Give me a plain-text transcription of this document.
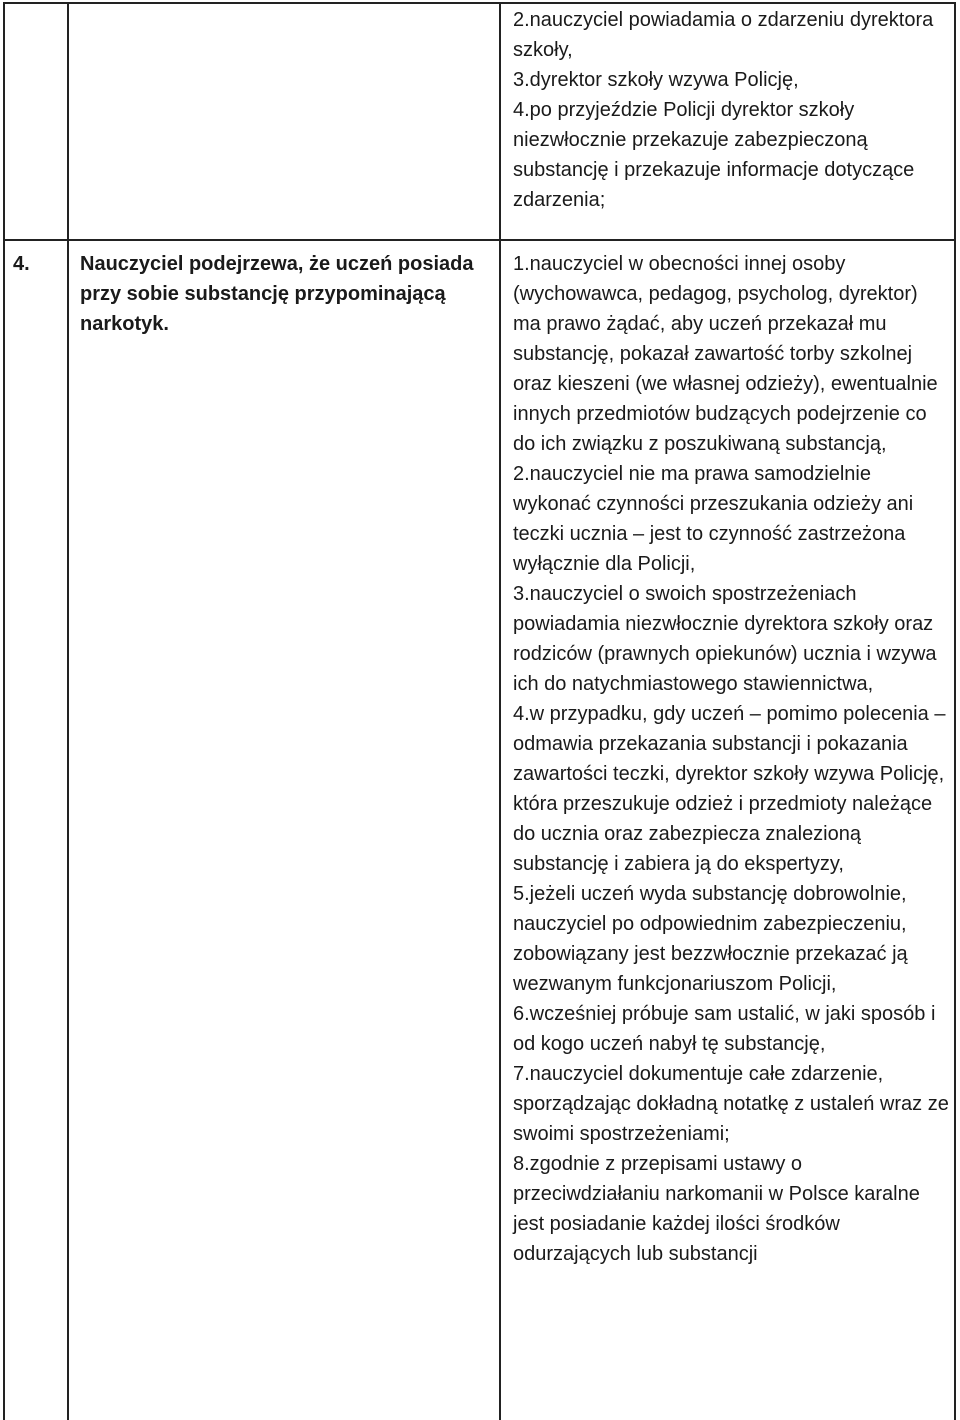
2.nauczyciel powiadamia o zdarzeniu dyrektora szkoły,

3.dyrektor szkoły wzywa Policję,

4.po przyjeździe Policji dyrektor szkoły niezwłocznie przekazuje zabezpieczoną substancję i przekazuje informacje dotyczące zdarzenia;

4.	Nauczyciel podejrzewa, że uczeń posiada przy sobie substancję przypominającą narkotyk.

1.nauczyciel w obecności innej osoby (wychowawca, pedagog, psycholog, dyrektor) ma prawo żądać, aby uczeń przekazał mu substancję, pokazał zawartość torby szkolnej oraz kieszeni (we własnej odzieży), ewentualnie innych przedmiotów budzących podejrzenie co do ich związku z poszukiwaną substancją,

2.nauczyciel nie ma prawa samodzielnie wykonać czynności przeszukania odzieży ani teczki ucznia – jest to czynność zastrzeżona wyłącznie dla Policji,

3.nauczyciel o swoich spostrzeżeniach powiadamia niezwłocznie dyrektora szkoły oraz rodziców (prawnych opiekunów) ucznia i wzywa ich do natychmiastowego stawiennictwa,

4.w przypadku, gdy uczeń – pomimo polecenia – odmawia przekazania substancji i pokazania zawartości teczki, dyrektor szkoły wzywa Policję, która przeszukuje odzież i przedmioty należące do ucznia oraz zabezpiecza znalezioną substancję i zabiera ją do ekspertyzy,

5.jeżeli uczeń wyda substancję dobrowolnie, nauczyciel po odpowiednim zabezpieczeniu, zobowiązany jest bezzwłocznie przekazać ją wezwanym funkcjonariuszom Policji,

6.wcześniej próbuje sam ustalić, w jaki sposób i od kogo uczeń nabył tę substancję,

7.nauczyciel dokumentuje całe zdarzenie, sporządzając dokładną notatkę z ustaleń wraz ze swoimi spostrzeżeniami;

8.zgodnie z przepisami ustawy o przeciwdziałaniu narkomanii w Polsce karalne jest posiadanie każdej ilości środków odurzających lub substancji
